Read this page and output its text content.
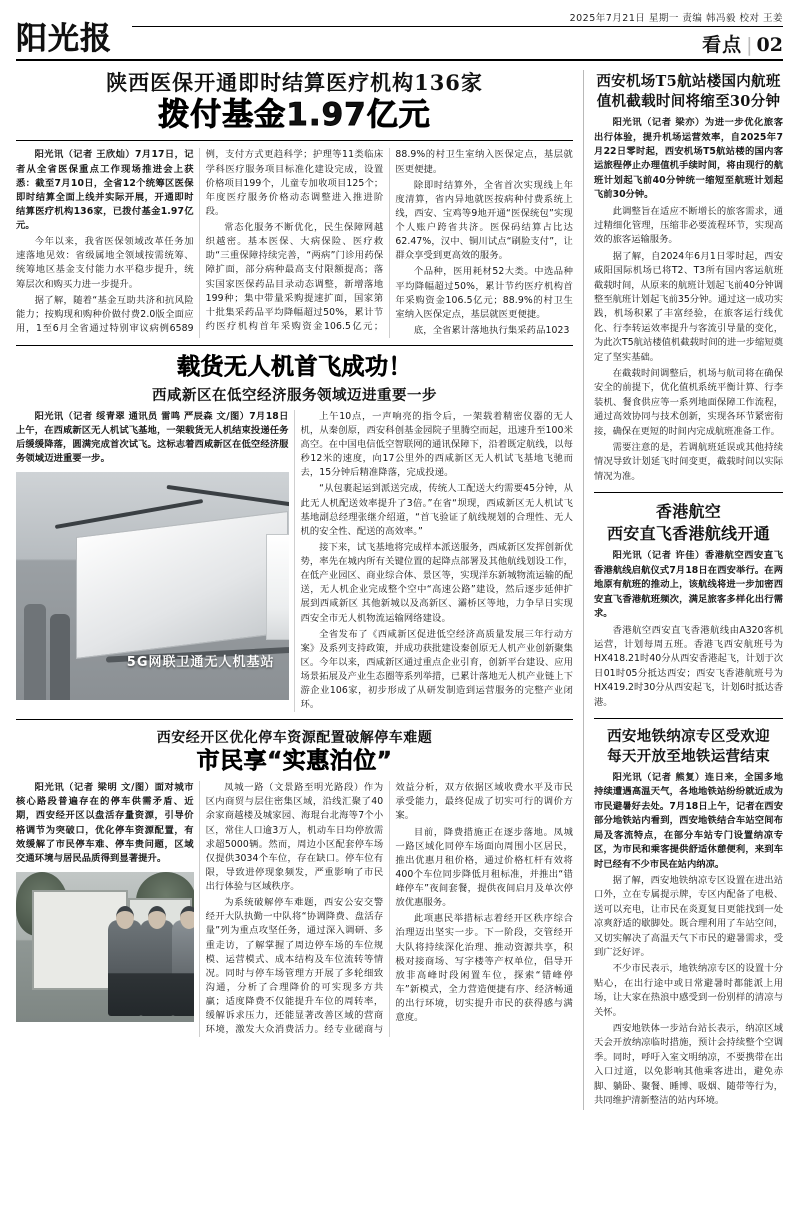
阳光报
2025年7月21日 星期一 责编 韩冯毅 校对 王姜
看点 | 02
陕西医保开通即时结算医疗机构136家
拨付基金1.97亿元

阳光讯（记者 王欣灿）7月17日，记者从全省医保重点工作现场推进会上获悉：截至7月10日，全省12个统筹区医保即时结算全面上线并实际开展，开通即时结算医疗机构136家，已拨付基金1.97亿元。

今年以来，我省医保领域改革任务加速落地见效：省级属地全领域按需统筹、统筹地区基金支付能力水平稳步提升，统筹层次和购买力进一步提升。

据了解，随着“基金互助共济和抗风险能力；按购现和购种价做付费2.0版全面应用，1至6月全省通过特别审议病例6589例，支付方式更趋科学；护理等11类临床学科医疗服务项目标准化建设完成，设置价格项目199个，儿童专加收项目125个；年度医疗服务价格动态调整进入推进阶段。

常态化服务不断优化，民生保障网越织越密。基本医保、大病保险、医疗救助“三重保障持续完善，“两病”门诊用药保障扩面，部分病种最高支付限额提高；落实国家医保药品目录动态调整，新增落地199种；集中带量采购提速扩面，国家第十批集采药品平均降幅超过50%，累计节约医疗机构首年采购资金106.5亿元；88.9%的村卫生室纳入医保定点，基层就医更便捷。

除即时结算外，全省首次实现线上年度清算，省内异地就医按病种付费系统上线，西安、宝鸡等9地开通“医保统包”实现个人账户跨省共济。医保码结算占比达62.47%，汉中、铜川试点“刷脸支付”，让群众享受到更高效的服务。

个品种，医用耗材52大类。中选品种平均降幅超过50%，累计节约医疗机构首年采购资金106.5亿元；88.9%的村卫生室纳入医保定点，基层就医更便捷。

底，全省累计落地执行集采药品1023

载货无人机首飞成功！
西咸新区在低空经济服务领域迈进重要一步

阳光讯（记者 绥青翠 通讯员 雷鸣 严辰森 文/图）7月18日上午，在西咸新区无人机试飞基地，一架载货无人机结束投递任务后缓缓降落，圆满完成首次试飞。这标志着西咸新区在低空经济服务领域迈进重要一步。

5G网联卫通无人机基站

上午10点，一声响亮的指令后，一架载着精密仪器的无人机，从秦创原，西安科创基金园院子里腾空而起，迅速升至100米高空。在中国电信低空智联网的通讯保障下，沿着既定航线，以每秒12米的速度，向17公里外的西咸新区无人机试飞基地飞驰而去，15分钟后精准降落，完成投递。

“从包裹起运到派送完成，传统人工配送大约需要45分钟，从此无人机配送效率提升了3倍。”在省“坝现，西咸新区无人机试飞基地副总经理张继介绍道，“首飞验证了航线规划的合理性、无人机的安全性、配送的高效率。”

接下来，试飞基地将完成样本派送服务，西咸新区发挥创新优势，率先在城内所有关键位置的起降点部署及其他航线划设工作，在低产业园区、商业综合体、景区等，实现洋东新城物流运输的配送，无人机企业完成整个空中“高速公路”建设，然后逐步延伸扩展到西咸新区 其他新城以及高新区、灞桥区等地，力争早日实现西安全市无人机物流运输网络建设。

全省发布了《西咸新区促进低空经济高质量发展三年行动方案》及系列支持政策，并成功获批建设秦创原无人机产业创新聚集区。今年以来，西咸新区通过重点企业引育，创新平台建设、应用场景拓展及产业生态圈等系列举措，已累计落地无人机产业链上下游企业106家，初步形成了从研发制造到运营服务的完整产业闭环。

西安经开区优化停车资源配置破解停车难题
市民享“实惠泊位”

阳光讯（记者 梁明 文/图）面对城市核心路段普遍存在的停车供需矛盾、近期，西安经开区以盘活存量资源，引导价格调节为突破口，优化停车资源配置，有效缓解了市民停车难、停车贵问题，区域交通环境与居民品质得到显著提升。

凤城一路（文景路至明光路段）作为区内商贸与层住密集区域，沿线汇聚了40余家商越楼及城家园、海琨台北海等7个小区，常住人口逾3万人，机动车日均停放需求超5000辆。然而，周边小区配套停车场仅提供3034个车位，存在缺口。停车位有限，导致进停现象频发，严重影响了市民出行体验与区域秩序。

为系统破解停车难题，西安公安交警经开大队执勤一中队将“协调降费、盘活存量”列为重点攻坚任务，通过深入调研、多重走访，了解掌握了周边停车场的车位规模、运营模式、成本结构及车位流转等情况。同时与停车场管理方开展了多轮细致沟通，分析了合理降价的可实现多方共赢；适度降费不仅能提升车位的周转率，缓解诉求压力，还能显著改善区域的营商环境，激发大众消费活力。经专业磋商与效益分析，双方依据区域收费水平及市民承受能力，最终促成了切实可行的调价方案。

目前，降费措施正在逐步落地。凤城一路区域化同停车场面向周围小区居民，推出优惠月租价格，通过价格杠杆有效将400个车位同步降低月租标准，并推出“错峰停车”夜间套餐，提供夜间启月及单次停放优惠服务。

此项惠民举措标志着经开区秩序综合治理迈出坚实一步。下一阶段，交管经开大队将持续深化治理、推动资源共享，积极对接商场、写字楼等产权单位，倡导开放非高峰时段闲置车位，探索“错峰停车”新模式，全力营造便捷有序、经济畅通的出行环境，切实提升市民的获得感与满意度。

西安机场T5航站楼国内航班
值机截载时间将缩至30分钟

阳光讯（记者 梁亦）为进一步优化旅客出行体验，提升机场运营效率，自2025年7月22日零时起，西安机场T5航站楼的国内客运旅程停止办理值机手续时间，将由现行的航班计划起飞前40分钟统一缩短至航班计划起飞前30分钟。

此调整旨在适应不断增长的旅客需求，通过精细化管理，压缩非必要流程环节，实现高效的旅客运输服务。

据了解，自2024年6月1日零时起，西安咸阳国际机场已将T2、T3所有国内客运航班截载时间，从原来的航班计划起飞前40分钟调整至航班计划起飞前35分钟。通过这一成功实践，机场积累了丰富经验，在旅客运行线优化、行李转运效率提升与客流引导量的变化，为此次T5航站楼值机截载时间的进一步缩短奠定了坚实基础。

在截载时间调整后，机场与航司将在确保安全的前提下，优化值机系统平衡计算、行李装机、餐食供应等一系列地面保障工作流程，通过高效协同与技术创新，实现各环节紧密衔接，确保在更短的时间内完成航班准备工作。

需要注意的是，若调航班延误或其他持续情况导致计划延飞时间变更，截载时间以实际情况为准。

香港航空
西安直飞香港航线开通

阳光讯（记者 许佳）香港航空西安直飞香港航线启航仪式7月18日在西安举行。在两地原有航班的推动上，该航线将进一步加密西安直飞香港航班频次，满足旅客多样化出行需求。

香港航空西安直飞香港航线由A320客机运营，计划每周五班。香港飞西安航班号为HX418.21时40分从西安香港起飞，计划于次日01时05分抵达西安；西安飞香港航班号为HX419.2时30分从西安起飞，计划6时抵达香港。

西安地铁纳凉专区受欢迎
每天开放至地铁运营结束

阳光讯（记者 熊复）连日来，全国多地持续遭遇高温天气，各地地铁站纷纷就近成为市民避暑好去处。7月18日上午，记者在西安部分地铁站内看到，西安地铁结合车站空间布局及客流特点，在部分车站专门设置纳凉专区，为市民和乘客提供舒适休憩便利，来到车时已经有不少市民在站内纳凉。

据了解，西安地铁纳凉专区设置在进出站口外，立在专属提示牌，专区内配备了电极、送可以充电，让市民在炎夏复日更能找到一处凉爽舒适的歇脚处。既合理利用了车站空间，又切实解决了高温天气下市民的避暑需求，受到广泛好评。

不少市民表示，地铁纳凉专区的设置十分贴心，在出行途中或日常避暑时都能派上用场，让大家在热浪中感受到一份别样的清凉与关怀。

西安地铁体一步站台站长表示，纳凉区域天会开放纳凉临时措施，预计会持续整个空调季。同时，呼吁入室文明纳凉，不要携带在出入口过道，以免影响其他乘客进出，避免赤脚、躺卧、聚餐、睡博、吸烟、随带等行为，共同维护清新整洁的站内环境。
